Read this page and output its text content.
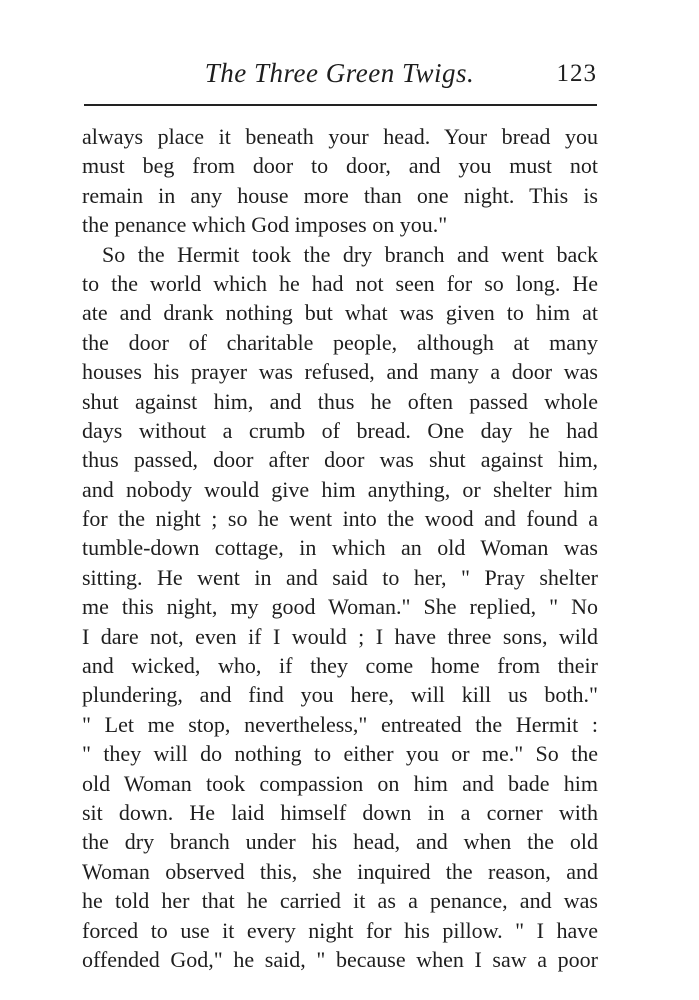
The Three Green Twigs.	123
always place it beneath your head. Your bread you
must beg from door to door, and you must not
remain in any house more than one night. This is
the penance which God imposes on you."
So the Hermit took the dry branch and went back
to the world which he had not seen for so long. He
ate and drank nothing but what was given to him at
the door of charitable people, although at many
houses his prayer was refused, and many a door was
shut against him, and thus he often passed whole
days without a crumb of bread. One day he had
thus passed, door after door was shut against him,
and nobody would give him anything, or shelter him
for the night ; so he went into the wood and found a
tumble-down cottage, in which an old Woman was
sitting. He went in and said to her, " Pray shelter
me this night, my good Woman." She replied, " No
I dare not, even if I would ; I have three sons, wild
and wicked, who, if they come home from their
plundering, and find you here, will kill us both."
" Let me stop, nevertheless," entreated the Hermit :
" they will do nothing to either you or me." So the
old Woman took compassion on him and bade him
sit down. He laid himself down in a corner with
the dry branch under his head, and when the old
Woman observed this, she inquired the reason, and
he told her that he carried it as a penance, and was
forced to use it every night for his pillow. " I have
offended God," he said, " because when I saw a poor
